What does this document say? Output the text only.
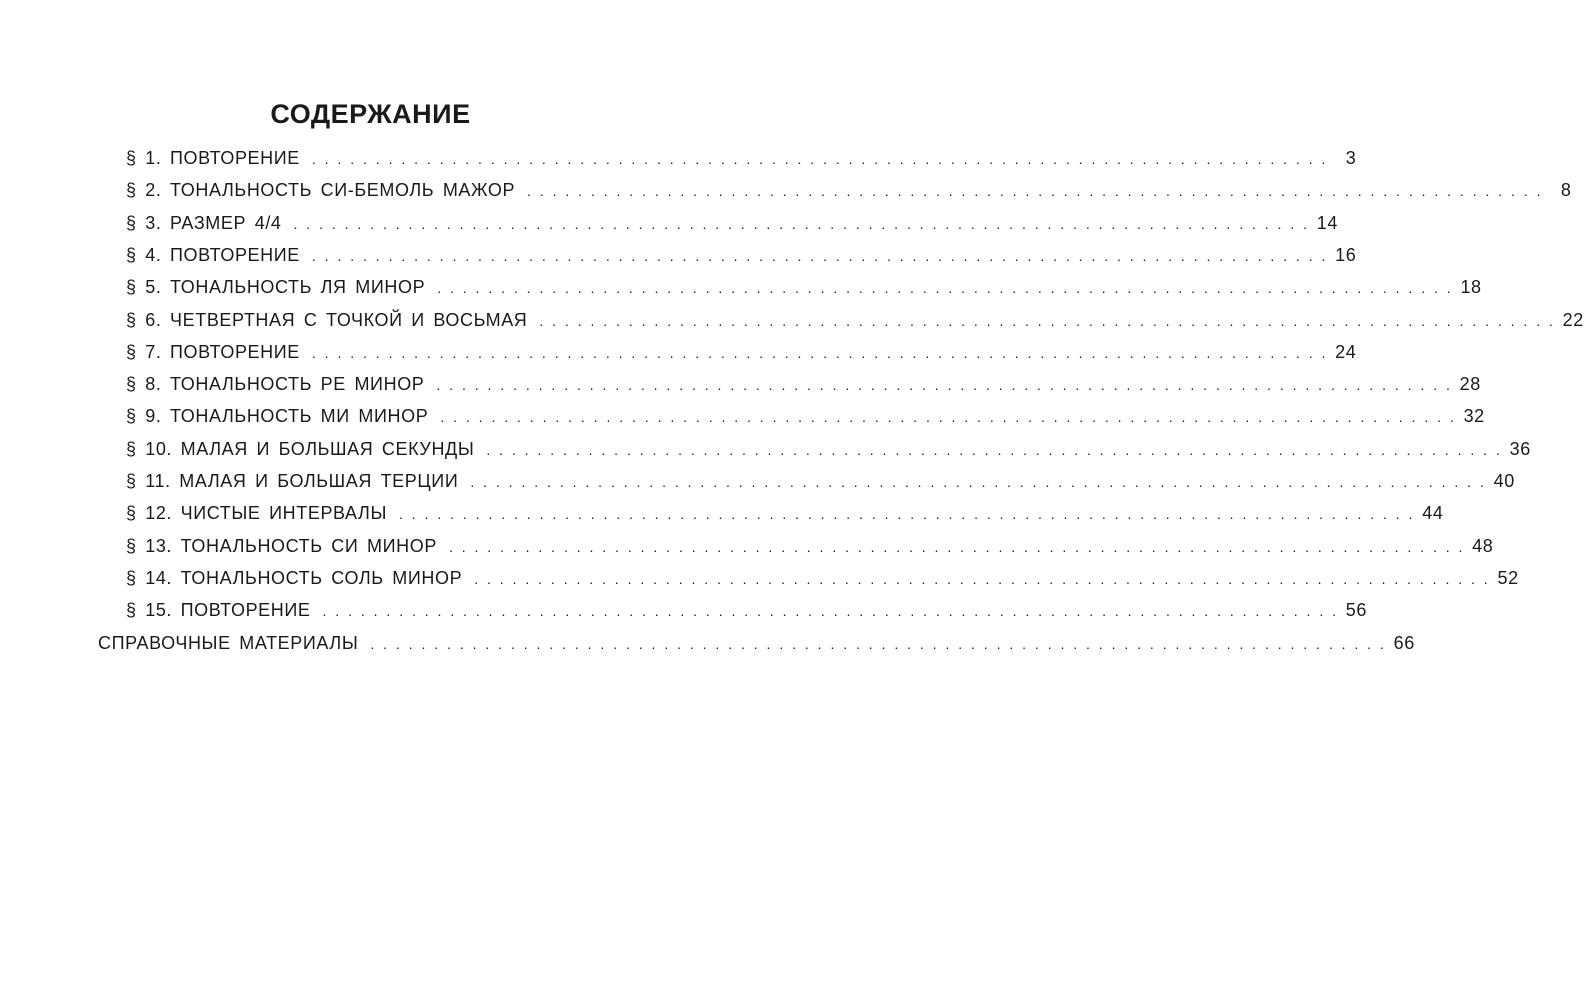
СОДЕРЖАНИЕ
§ 1. ПОВТОРЕНИЕ . . . . . . . . . . . . . . . . . . . . . . . . . . . . . . . . . . . . . . . . . . . . . . . . . . . . . . . . . . . . . . . . . . . . . . . . . . . . . . . .	3
§ 2. ТОНАЛЬНОСТЬ СИ-БЕМОЛЬ МАЖОР . . . . . . . . . . . . . . . . . . . . . . . . . . . . . . . . . . . . . . . . . . . . . . . . . . . . . . . . . . . . . . . . . . . . . . . . . . . . . . . .	8
§ 3. РАЗМЕР 4/4 . . . . . . . . . . . . . . . . . . . . . . . . . . . . . . . . . . . . . . . . . . . . . . . . . . . . . . . . . . . . . . . . . . . . . . . . . . . . . . . . 14
§ 4. ПОВТОРЕНИЕ . . . . . . . . . . . . . . . . . . . . . . . . . . . . . . . . . . . . . . . . . . . . . . . . . . . . . . . . . . . . . . . . . . . . . . . . . . . . . . . . 16
§ 5. ТОНАЛЬНОСТЬ ЛЯ МИНОР . . . . . . . . . . . . . . . . . . . . . . . . . . . . . . . . . . . . . . . . . . . . . . . . . . . . . . . . . . . . . . . . . . . . . . . . . . . . . . . . 18
§ 6. ЧЕТВЕРТНАЯ С ТОЧКОЙ И ВОСЬМАЯ . . . . . . . . . . . . . . . . . . . . . . . . . . . . . . . . . . . . . . . . . . . . . . . . . . . . . . . . . . . . . . . . . . . . . . . . . . . . . . . . 22
§ 7. ПОВТОРЕНИЕ . . . . . . . . . . . . . . . . . . . . . . . . . . . . . . . . . . . . . . . . . . . . . . . . . . . . . . . . . . . . . . . . . . . . . . . . . . . . . . . . 24
§ 8. ТОНАЛЬНОСТЬ РЕ МИНОР . . . . . . . . . . . . . . . . . . . . . . . . . . . . . . . . . . . . . . . . . . . . . . . . . . . . . . . . . . . . . . . . . . . . . . . . . . . . . . . . 28
§ 9. ТОНАЛЬНОСТЬ МИ МИНОР . . . . . . . . . . . . . . . . . . . . . . . . . . . . . . . . . . . . . . . . . . . . . . . . . . . . . . . . . . . . . . . . . . . . . . . . . . . . . . . . 32
§ 10. МАЛАЯ И БОЛЬШАЯ СЕКУНДЫ . . . . . . . . . . . . . . . . . . . . . . . . . . . . . . . . . . . . . . . . . . . . . . . . . . . . . . . . . . . . . . . . . . . . . . . . . . . . . . . . 36
§ 11. МАЛАЯ И БОЛЬШАЯ ТЕРЦИИ . . . . . . . . . . . . . . . . . . . . . . . . . . . . . . . . . . . . . . . . . . . . . . . . . . . . . . . . . . . . . . . . . . . . . . . . . . . . . . . . 40
§ 12. ЧИСТЫЕ ИНТЕРВАЛЫ . . . . . . . . . . . . . . . . . . . . . . . . . . . . . . . . . . . . . . . . . . . . . . . . . . . . . . . . . . . . . . . . . . . . . . . . . . . . . . . . 44
§ 13. ТОНАЛЬНОСТЬ СИ МИНОР . . . . . . . . . . . . . . . . . . . . . . . . . . . . . . . . . . . . . . . . . . . . . . . . . . . . . . . . . . . . . . . . . . . . . . . . . . . . . . . . 48
§ 14. ТОНАЛЬНОСТЬ СОЛЬ МИНОР . . . . . . . . . . . . . . . . . . . . . . . . . . . . . . . . . . . . . . . . . . . . . . . . . . . . . . . . . . . . . . . . . . . . . . . . . . . . . . . . 52
§ 15. ПОВТОРЕНИЕ . . . . . . . . . . . . . . . . . . . . . . . . . . . . . . . . . . . . . . . . . . . . . . . . . . . . . . . . . . . . . . . . . . . . . . . . . . . . . . . . 56
СПРАВОЧНЫЕ МАТЕРИАЛЫ . . . . . . . . . . . . . . . . . . . . . . . . . . . . . . . . . . . . . . . . . . . . . . . . . . . . . . . . . . . . . . . . . . . . . . . . . . . . . . . . 66
